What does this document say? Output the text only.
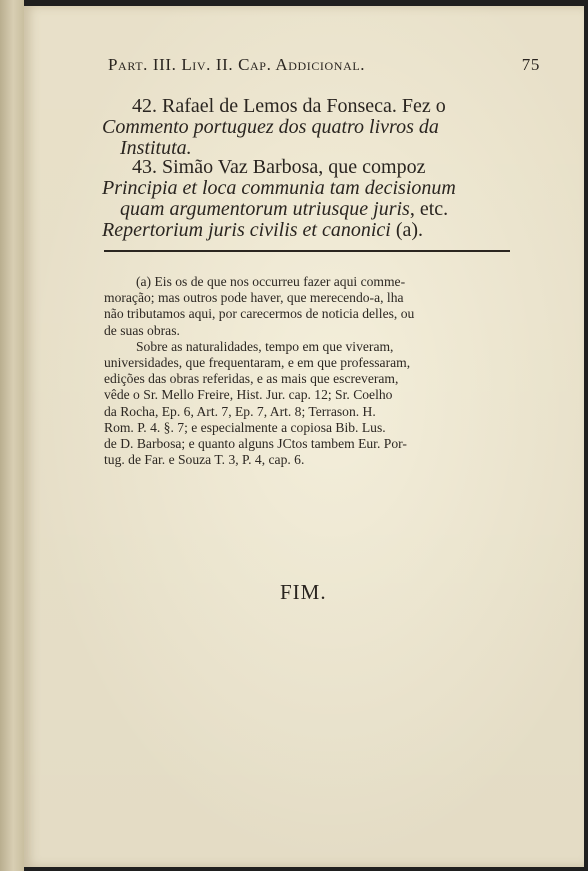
Part. III. Liv. II. Cap. Addicional.	75
42. Rafael de Lemos da Fonseca. Fez o
Commento portuguez dos quatro livros da
Instituta.
43. Simão Vaz Barbosa, que compoz
Principia et loca communia tam decisionum
quam argumentorum utriusque juris, etc.
Repertorium juris civilis et canonici (a).
(a) Eis os de que nos occurreu fazer aqui comme-
moração; mas outros pode haver, que merecendo-a, lha
não tributamos aqui, por carecermos de noticia delles, ou
de suas obras.
Sobre as naturalidades, tempo em que viveram,
universidades, que frequentaram, e em que professaram,
edições das obras referidas, e as mais que escreveram,
vêde o Sr. Mello Freire, Hist. Jur. cap. 12; Sr. Coelho
da Rocha, Ep. 6, Art. 7, Ep. 7, Art. 8; Terrason. H.
Rom. P. 4. §. 7; e especialmente a copiosa Bib. Lus.
de D. Barbosa; e quanto alguns JCtos tambem Eur. Por-
tug. de Far. e Souza T. 3, P. 4, cap. 6.
FIM.
